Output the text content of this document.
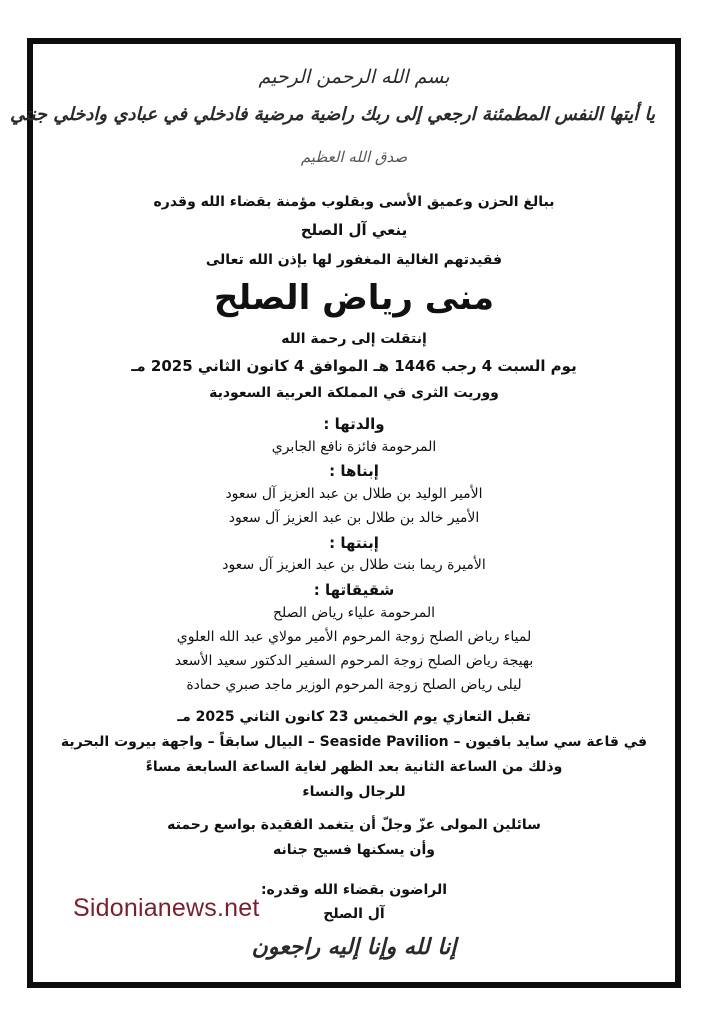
بسم الله الرحمن الرحيم
يا أيتها النفس المطمئنة ارجعي إلى ربك راضية مرضية فادخلي في عبادي وادخلي جنتي
صدق الله العظيم
ببالغ الحزن وعميق الأسى وبقلوب مؤمنة بقضاء الله وقدره
ينعي آل الصلح
فقيدتهم الغالية المغفور لها بإذن الله تعالى
منى رياض الصلح
إنتقلت إلى رحمة الله
يوم السبت 4 رجب 1446 هـ الموافق 4 كانون الثاني 2025 مـ
ووريت الثرى في المملكة العربية السعودية
والدتها :
المرحومة فائزة نافع الجابري
إبناها :
الأمير الوليد بن طلال بن عبد العزيز آل سعود
الأمير خالد بن طلال بن عبد العزيز آل سعود
إبنتها :
الأميرة ريما بنت طلال بن عبد العزيز آل سعود
شقيقاتها :
المرحومة علياء رياض الصلح
لمياء رياض الصلح زوجة المرحوم الأمير مولاي عبد الله العلوي
بهيجة رياض الصلح زوجة المرحوم السفير الدكتور سعيد الأسعد
ليلى رياض الصلح زوجة المرحوم الوزير ماجد صبري حمادة
تقبل التعازي يوم الخميس 23 كانون الثاني 2025 مـ
في قاعة سي سايد بافيون – Seaside Pavilion – البيال سابقاً – واجهة بيروت البحرية
وذلك من الساعة الثانية بعد الظهر لغاية الساعة السابعة مساءً
للرجال والنساء
سائلين المولى عزّ وجلّ أن يتغمد الفقيدة بواسع رحمته
وأن يسكنها فسيح جنانه
الراضون بقضاء الله وقدره:
آل الصلح
إنا لله وإنا إليه راجعون
Sidonianews.net
